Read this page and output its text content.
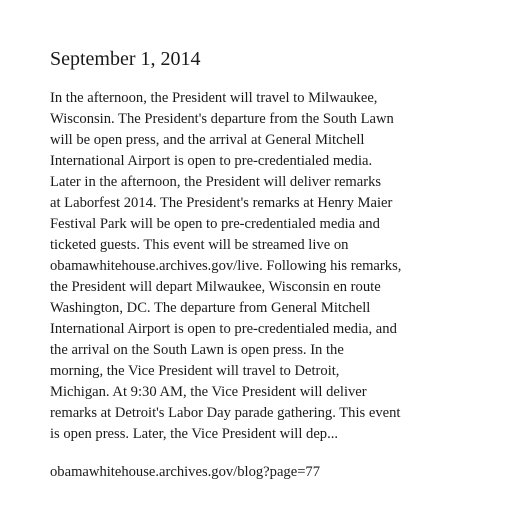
September 1, 2014
In the afternoon, the President will travel to Milwaukee,
Wisconsin. The President's departure from the South Lawn
will be open press, and the arrival at General Mitchell
International Airport is open to pre-credentialed media.
Later in the afternoon, the President will deliver remarks
at Laborfest 2014. The President's remarks at Henry Maier
Festival Park will be open to pre-credentialed media and
ticketed guests. This event will be streamed live on
obamawhitehouse.archives.gov/live. Following his remarks,
the President will depart Milwaukee, Wisconsin en route
Washington, DC. The departure from General Mitchell
International Airport is open to pre-credentialed media, and
the arrival on the South Lawn is open press. In the
morning, the Vice President will travel to Detroit,
Michigan. At 9:30 AM, the Vice President will deliver
remarks at Detroit's Labor Day parade gathering. This event
is open press. Later, the Vice President will dep...

obamawhitehouse.archives.gov/blog?page=77
